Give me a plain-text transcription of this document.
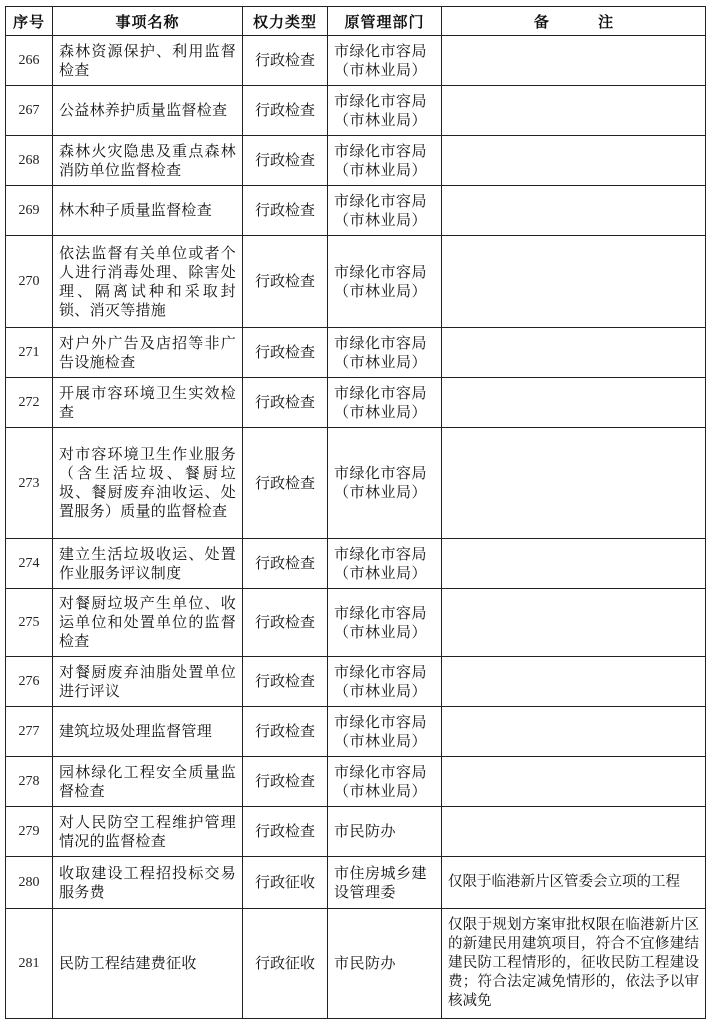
序号	事项名称	权力类型	原管理部门	备 注
266	森林资源保护、利用监督检查	行政检查	市绿化市容局（市林业局）	
267	公益林养护质量监督检查	行政检查	市绿化市容局（市林业局）	
268	森林火灾隐患及重点森林消防单位监督检查	行政检查	市绿化市容局（市林业局）	
269	林木种子质量监督检查	行政检查	市绿化市容局（市林业局）	
270	依法监督有关单位或者个人进行消毒处理、除害处理、隔离试种和采取封锁、消灭等措施	行政检查	市绿化市容局（市林业局）	
271	对户外广告及店招等非广告设施检查	行政检查	市绿化市容局（市林业局）	
272	开展市容环境卫生实效检查	行政检查	市绿化市容局（市林业局）	
273	对市容环境卫生作业服务（含生活垃圾、餐厨垃圾、餐厨废弃油收运、处置服务）质量的监督检查	行政检查	市绿化市容局（市林业局）	
274	建立生活垃圾收运、处置作业服务评议制度	行政检查	市绿化市容局（市林业局）	
275	对餐厨垃圾产生单位、收运单位和处置单位的监督检查	行政检查	市绿化市容局（市林业局）	
276	对餐厨废弃油脂处置单位进行评议	行政检查	市绿化市容局（市林业局）	
277	建筑垃圾处理监督管理	行政检查	市绿化市容局（市林业局）	
278	园林绿化工程安全质量监督检查	行政检查	市绿化市容局（市林业局）	
279	对人民防空工程维护管理情况的监督检查	行政检查	市民防办	
280	收取建设工程招投标交易服务费	行政征收	市住房城乡建设管理委	仅限于临港新片区管委会立项的工程
281	民防工程结建费征收	行政征收	市民防办	仅限于规划方案审批权限在临港新片区的新建民用建筑项目，符合不宜修建结建民防工程情形的，征收民防工程建设费；符合法定减免情形的，依法予以审核减免
